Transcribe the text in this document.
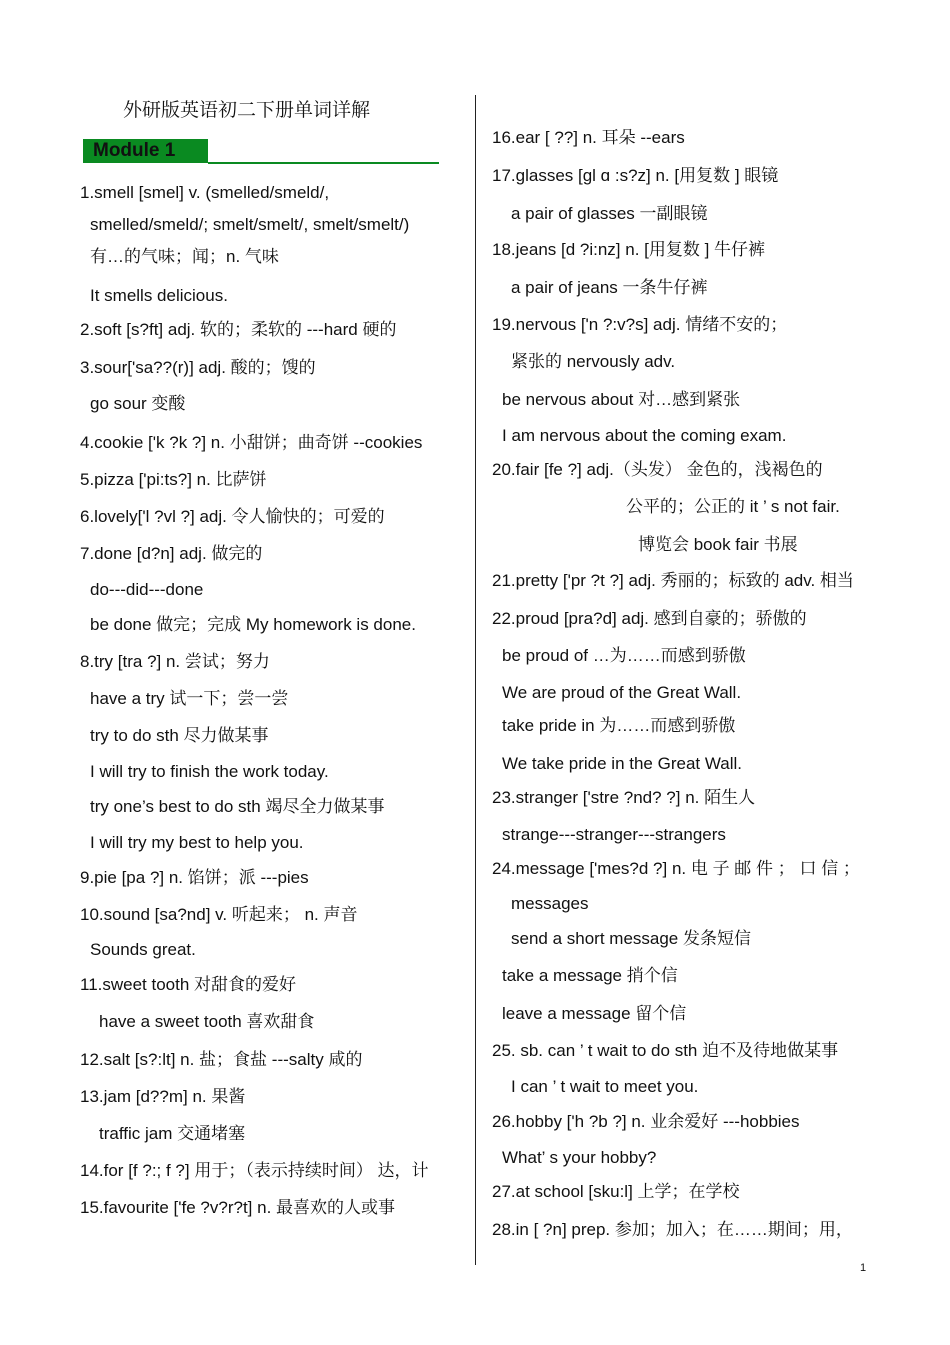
外研版英语初二下册单词详解
Module 1
1.smell [smel] v. (smelled/smeld/,
smelled/smeld/; smelt/smelt/, smelt/smelt/)
有…的气味；闻；n. 气味
It smells delicious.
2.soft [s?ft] adj. 软的；柔软的 ---hard 硬的
3.sour['sa??(r)] adj. 酸的；馊的
go sour 变酸
4.cookie ['k ?k ?] n. 小甜饼；曲奇饼 --cookies
5.pizza ['pi:ts?] n. 比萨饼
6.lovely['l ?vl ?] adj. 令人愉快的；可爱的
7.done [d?n] adj. 做完的
do---did---done
be done 做完；完成 My homework is done.
8.try [tra ?] n. 尝试；努力
have a try 试一下；尝一尝
try to do sth 尽力做某事
I will try to finish the work today.
try one’s best to do sth 竭尽全力做某事
I will try my best to help you.
9.pie [pa ?] n. 馅饼；派 ---pies
10.sound [sa?nd] v. 听起来； n. 声音
Sounds great.
11.sweet tooth 对甜食的爱好
have a sweet tooth 喜欢甜食
12.salt [s?:lt] n. 盐；食盐 ---salty 咸的
13.jam [d??m] n. 果酱
traffic jam 交通堵塞
14.for [f ?:; f ?] 用于；（表示持续时间） 达，计
15.favourite ['fe ?v?r?t] n. 最喜欢的人或事
16.ear [ ??] n. 耳朵 --ears
17.glasses [gl ɑ :s?z] n. [用复数 ] 眼镜
a pair of glasses 一副眼镜
18.jeans [d ?i:nz] n. [用复数 ] 牛仔裤
a pair of jeans 一条牛仔裤
19.nervous ['n ?:v?s] adj. 情绪不安的；
紧张的 nervously adv.
be nervous about 对…感到紧张
I am nervous about the coming exam.
20.fair [fe ?] adj.（头发） 金色的，浅褐色的
公平的；公正的 it ’ s not fair.
博览会 book fair 书展
21.pretty ['pr ?t ?] adj. 秀丽的；标致的 adv. 相当
22.proud [pra?d] adj. 感到自豪的；骄傲的
be proud of …为……而感到骄傲
We are proud of the Great Wall.
take pride in 为……而感到骄傲
We take pride in the Great Wall.
23.stranger ['stre ?nd? ?] n. 陌生人
strange---stranger---strangers
24.message ['mes?d ?] n. 电 子 邮 件 ； 口 信 ；
messages
send a short message 发条短信
take a message 捎个信
leave a message 留个信
25. sb. can ’ t wait to do sth 迫不及待地做某事
I can ’ t wait to meet you.
26.hobby ['h ?b ?] n. 业余爱好 ---hobbies
What’ s your hobby?
27.at school [sku:l] 上学；在学校
28.in [ ?n] prep. 参加；加入；在……期间；用，
1
